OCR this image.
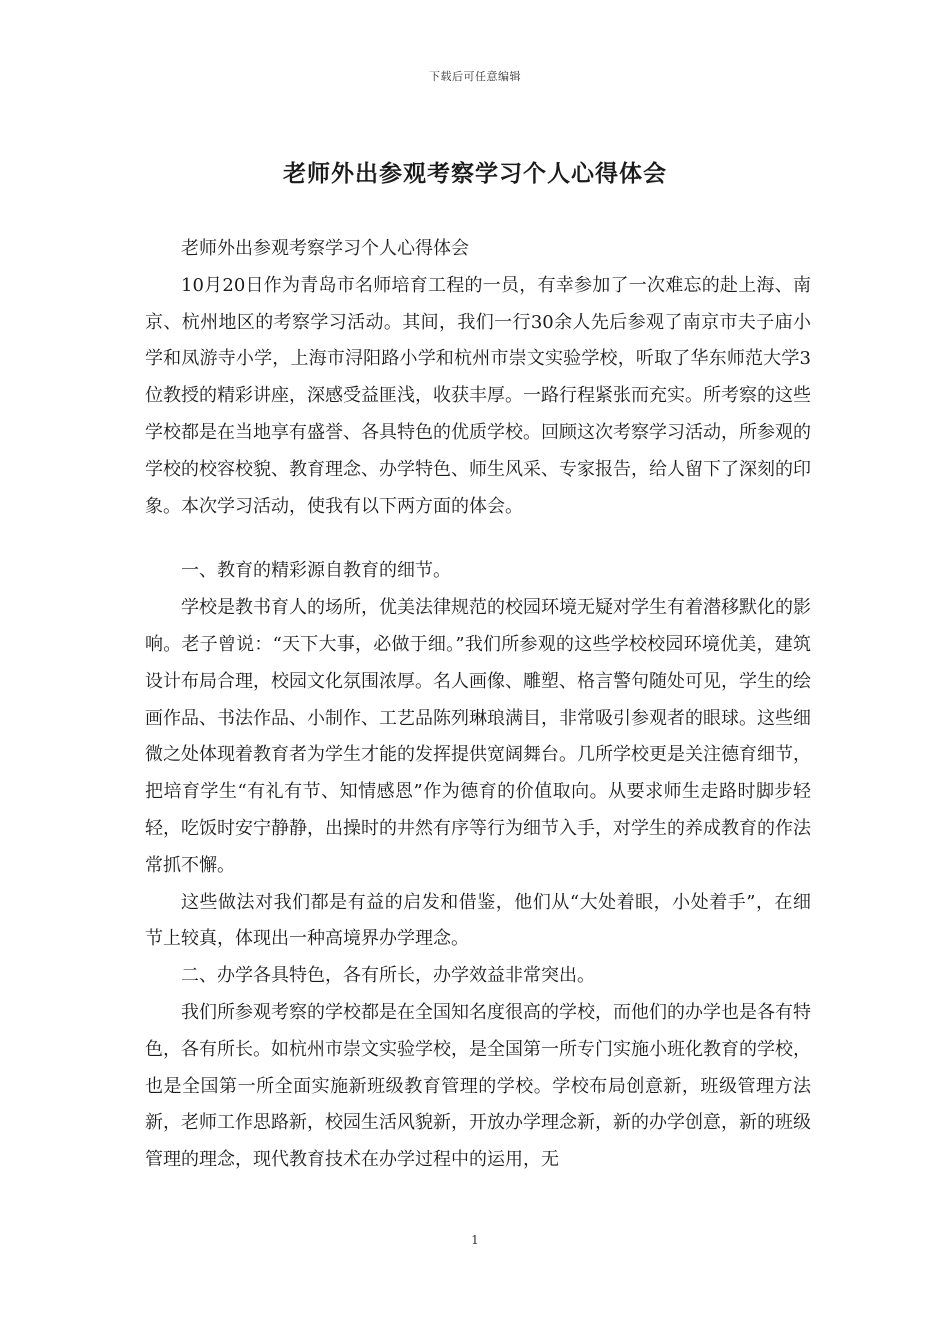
下载后可任意编辑
老师外出参观考察学习个人心得体会

老师外出参观考察学习个人心得体会

10月20日作为青岛市名师培育工程的一员，有幸参加了一次难忘的赴上海、南京、杭州地区的考察学习活动。其间，我们一行30余人先后参观了南京市夫子庙小学和凤游寺小学，上海市浔阳路小学和杭州市崇文实验学校，听取了华东师范大学3位教授的精彩讲座，深感受益匪浅，收获丰厚。一路行程紧张而充实。所考察的这些学校都是在当地享有盛誉、各具特色的优质学校。回顾这次考察学习活动，所参观的学校的校容校貌、教育理念、办学特色、师生风采、专家报告，给人留下了深刻的印象。本次学习活动，使我有以下两方面的体会。

一、教育的精彩源自教育的细节。

学校是教书育人的场所，优美法律规范的校园环境无疑对学生有着潜移默化的影响。老子曾说：“天下大事，必做于细。”我们所参观的这些学校校园环境优美，建筑设计布局合理，校园文化氛围浓厚。名人画像、雕塑、格言警句随处可见，学生的绘画作品、书法作品、小制作、工艺品陈列琳琅满目，非常吸引参观者的眼球。这些细微之处体现着教育者为学生才能的发挥提供宽阔舞台。几所学校更是关注德育细节，把培育学生“有礼有节、知情感恩”作为德育的价值取向。从要求师生走路时脚步轻轻，吃饭时安宁静静，出操时的井然有序等行为细节入手，对学生的养成教育的作法常抓不懈。

这些做法对我们都是有益的启发和借鉴，他们从“大处着眼，小处着手”，在细节上较真，体现出一种高境界办学理念。

二、办学各具特色，各有所长，办学效益非常突出。

我们所参观考察的学校都是在全国知名度很高的学校，而他们的办学也是各有特色，各有所长。如杭州市崇文实验学校，是全国第一所专门实施小班化教育的学校，也是全国第一所全面实施新班级教育管理的学校。学校布局创意新，班级管理方法新，老师工作思路新，校园生活风貌新，开放办学理念新，新的办学创意，新的班级管理的理念，现代教育技术在办学过程中的运用，无

1
